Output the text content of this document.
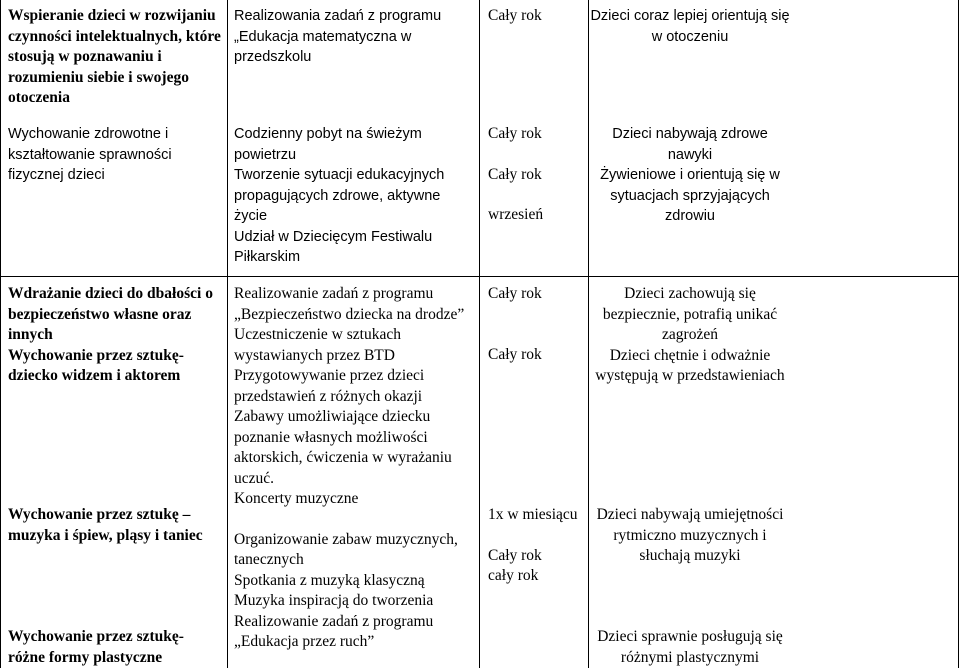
Wspieranie dzieci w rozwijaniu czynności intelektualnych, które stosują w poznawaniu i rozumieniu siebie i swojego otoczenia

Wychowanie zdrowotne i kształtowanie sprawności fizycznej dzieci

Realizowania zadań z programu „Edukacja matematyczna w przedszkolu

Codzienny pobyt na świeżym powietrzu

Tworzenie sytuacji edukacyjnych propagujących zdrowe, aktywne życie

Udział w Dziecięcym Festiwalu Piłkarskim

Cały rok

Cały rok

Cały rok

wrzesień

Dzieci coraz lepiej orientują się w otoczeniu

Dzieci nabywają zdrowe nawyki

Żywieniowe i orientują się w sytuacjach sprzyjających zdrowiu

Wdrażanie dzieci do dbałości o bezpieczeństwo własne oraz innych

Wychowanie przez sztukę- dziecko widzem i aktorem

Wychowanie przez sztukę – muzyka i śpiew, pląsy i taniec

Wychowanie przez sztukę- różne formy plastyczne

Realizowanie zadań z programu „Bezpieczeństwo dziecka na drodze”

Uczestniczenie w sztukach wystawianych przez BTD

Przygotowywanie przez dzieci przedstawień z różnych okazji

Zabawy umożliwiające dziecku poznanie własnych możliwości aktorskich, ćwiczenia w wyrażaniu uczuć.

Koncerty muzyczne

Organizowanie zabaw muzycznych, tanecznych

Spotkania z muzyką klasyczną

Muzyka inspiracją do tworzenia

Realizowanie zadań z programu „Edukacja przez ruch”

Cały rok

Cały rok

1x w miesiącu

Cały rok

cały rok

Dzieci zachowują się bezpiecznie, potrafią unikać zagrożeń

Dzieci chętnie i odważnie występują w przedstawieniach

Dzieci nabywają umiejętności rytmiczno muzycznych i słuchają muzyki

Dzieci sprawnie posługują się różnymi plastycznymi
